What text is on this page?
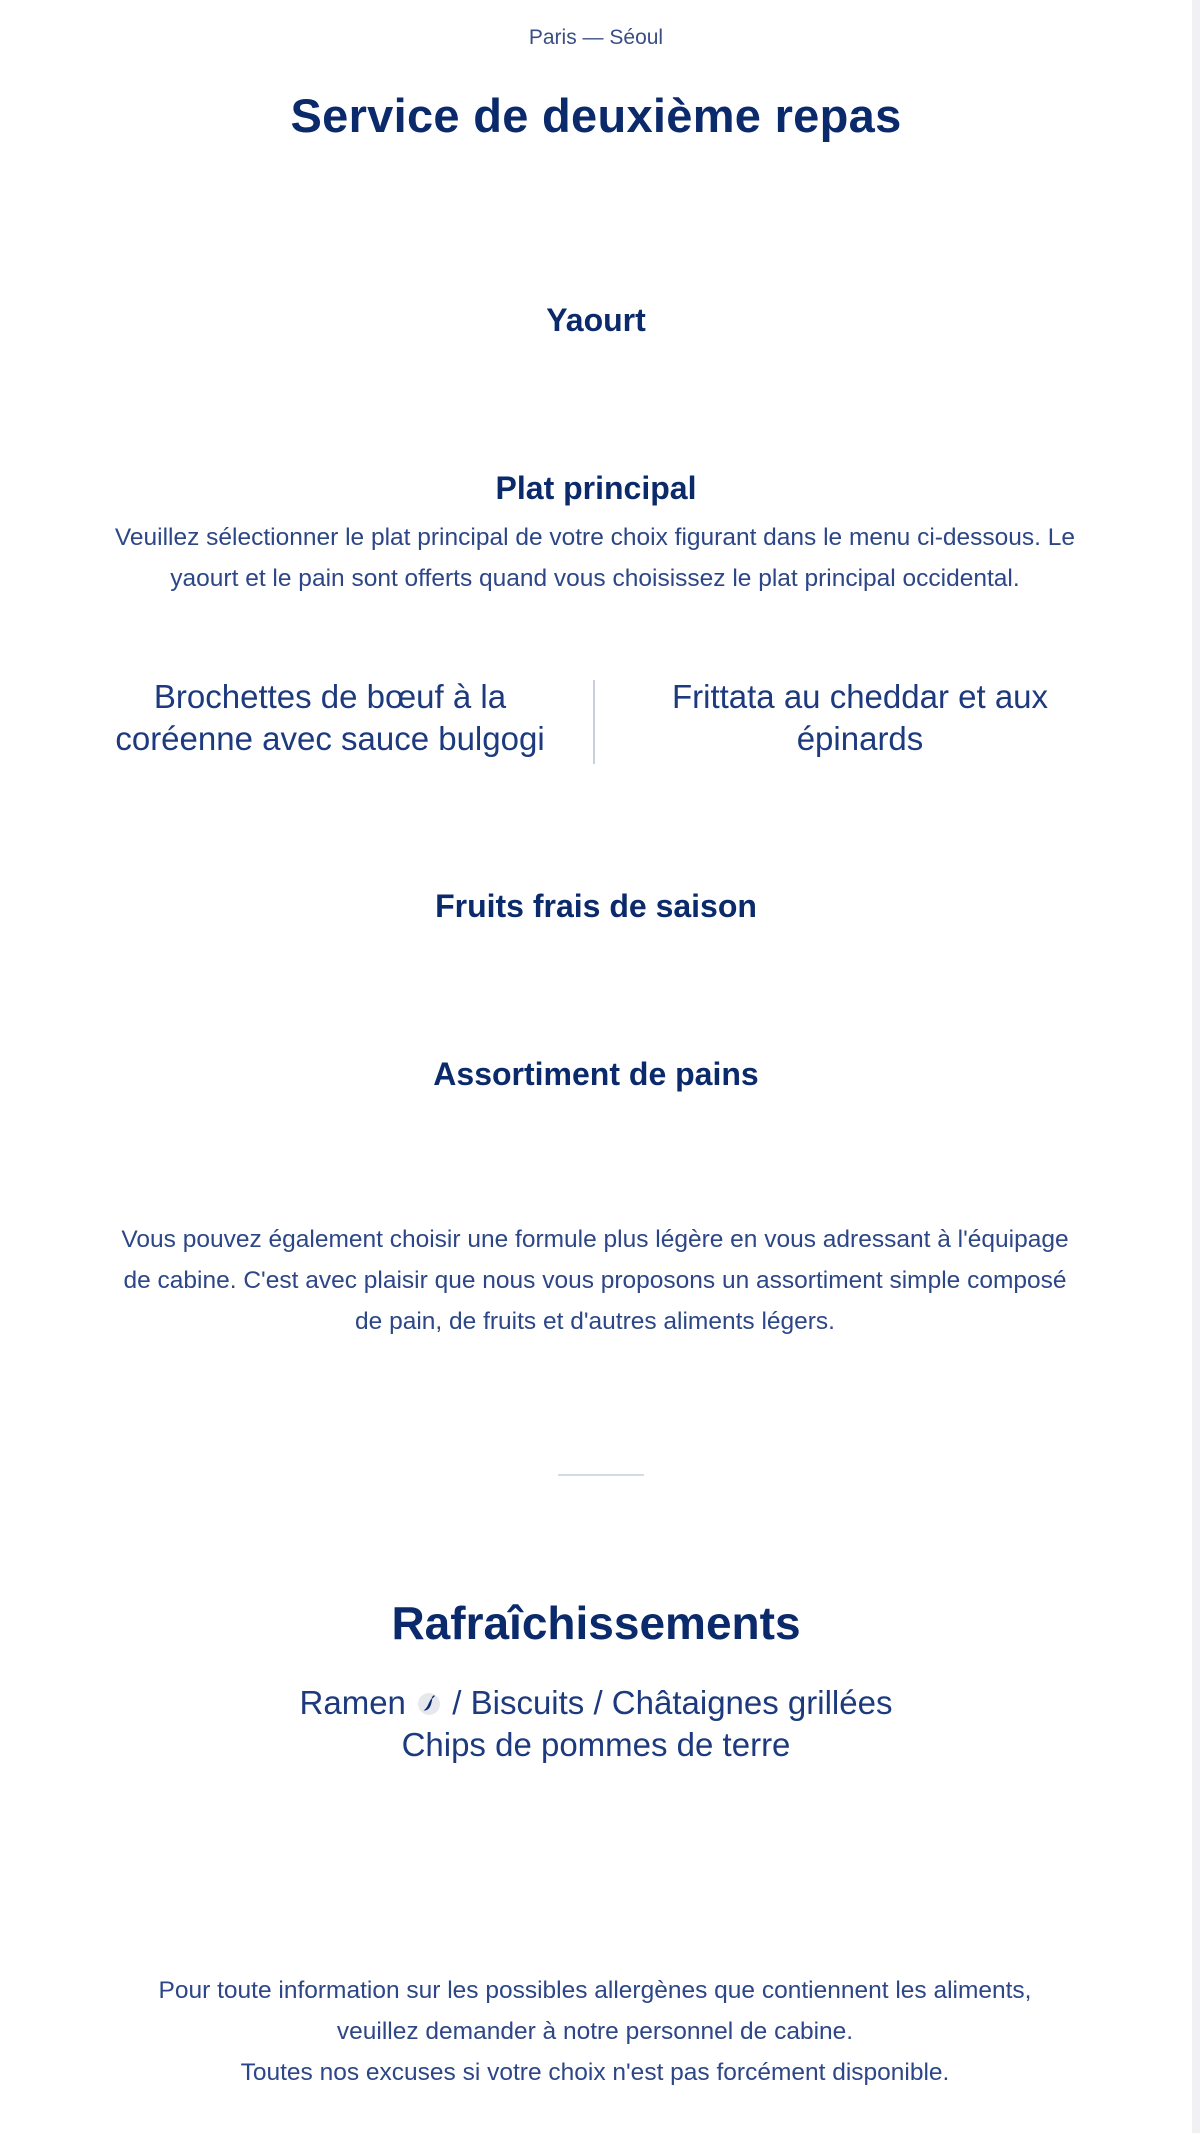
Paris — Séoul
Service de deuxième repas
Yaourt
Plat principal
Veuillez sélectionner le plat principal de votre choix figurant dans le menu ci-dessous. Le yaourt et le pain sont offerts quand vous choisissez le plat principal occidental.
Brochettes de bœuf à la coréenne avec sauce bulgogi
Frittata au cheddar et aux épinards
Fruits frais de saison
Assortiment de pains
Vous pouvez également choisir une formule plus légère en vous adressant à l'équipage de cabine. C'est avec plaisir que nous vous proposons un assortiment simple composé de pain, de fruits et d'autres aliments légers.
Rafraîchissements
Ramen / Biscuits / Châtaignes grillées
Chips de pommes de terre
Pour toute information sur les possibles allergènes que contiennent les aliments,
veuillez demander à notre personnel de cabine.
Toutes nos excuses si votre choix n'est pas forcément disponible.
